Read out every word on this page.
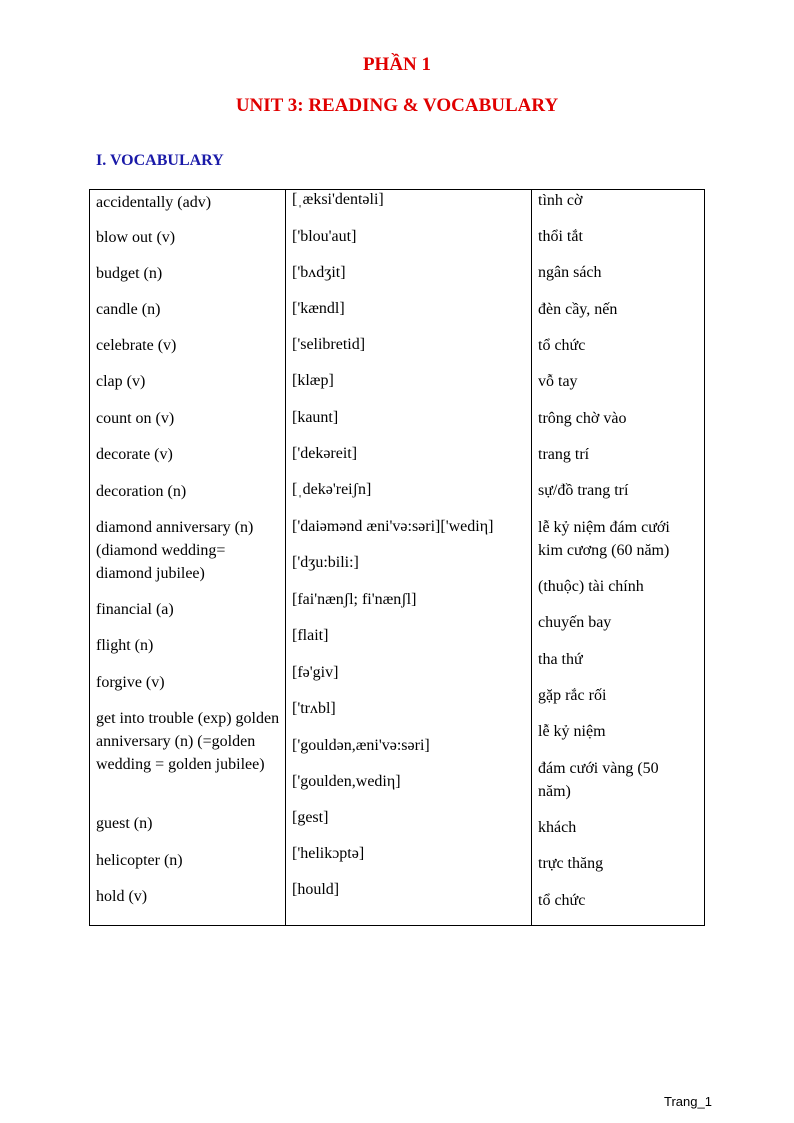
PHẦN 1
UNIT 3: READING & VOCABULARY
I. VOCABULARY

accidentally (adv)

blow out (v)

budget (n)

candle (n)

celebrate (v)

clap (v)

count on (v)

decorate (v)

decoration (n)

diamond anniversary (n) (diamond wedding= diamond jubilee)

financial (a)

flight (n)

forgive (v)

get into trouble (exp) golden anniversary (n) (=golden wedding = golden jubilee)

guest (n)

helicopter (n)

hold (v)

[ˌæksi'dentəli]

['blou'aut]

['bʌdʒit]

['kændl]

['selibretid]

[klæp]

[kaunt]

['dekəreit]

[ˌdekə'reiʃn]

['daiəmənd æni'və:səri]['wediη]

['dʒu:bili:]

[fai'nænʃl; fi'nænʃl]

[flait]

[fə'giv]

['trʌbl]

['gouldən,æni'və:səri]

['goulden,wediη]

[gest]

['helikɔptə]

[hould]

tình cờ

thổi tắt

ngân sách

đèn cầy, nến

tổ chức

vỗ tay

trông chờ vào

trang trí

sự/đồ trang trí

lễ kỷ niệm đám cưới kim cương (60 năm)

(thuộc) tài chính

chuyến bay

tha thứ

gặp rắc rối

lễ kỷ niệm

đám cưới vàng (50 năm)

khách

trực thăng

tổ chức

Trang_1
